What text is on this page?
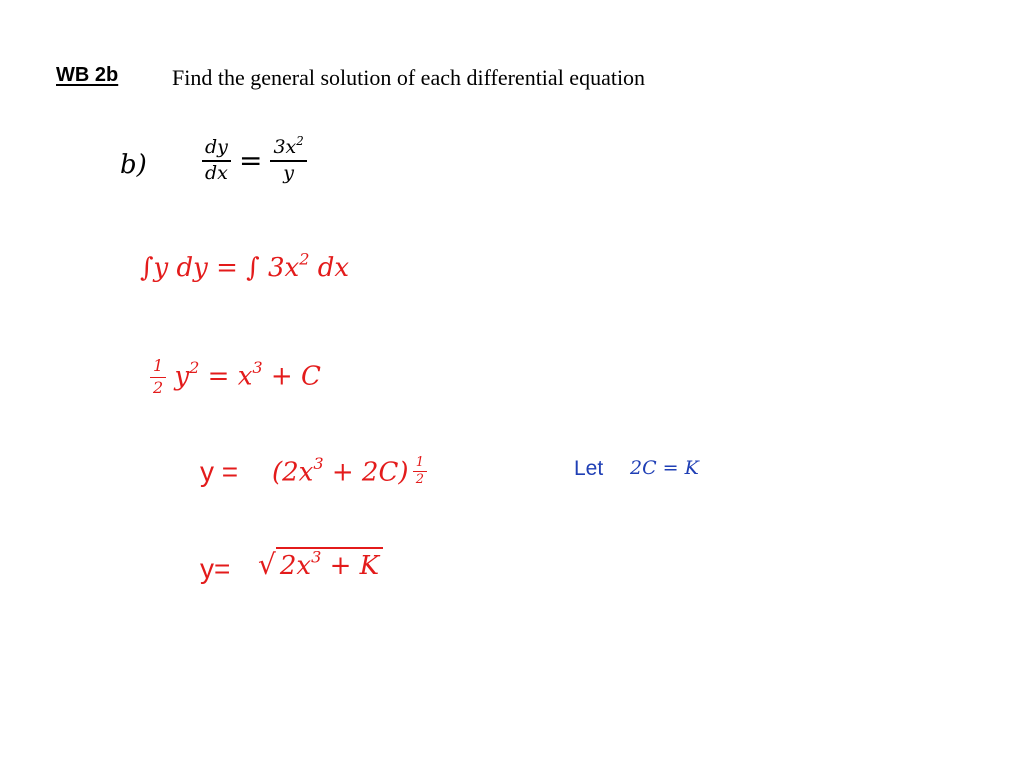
WB 2b Find the general solution of each differential equation
b)	$\frac{dy}{dx} = \frac{3x^2}{y}$
∫y dy = ∫ $3x^2$ dx
$\frac{1}{2} y^2 = x^3 + C$
$y = (2x^3 + 2C) \frac{1}{2}$	Let 2C = K
y= √ $2x^3 + K$
